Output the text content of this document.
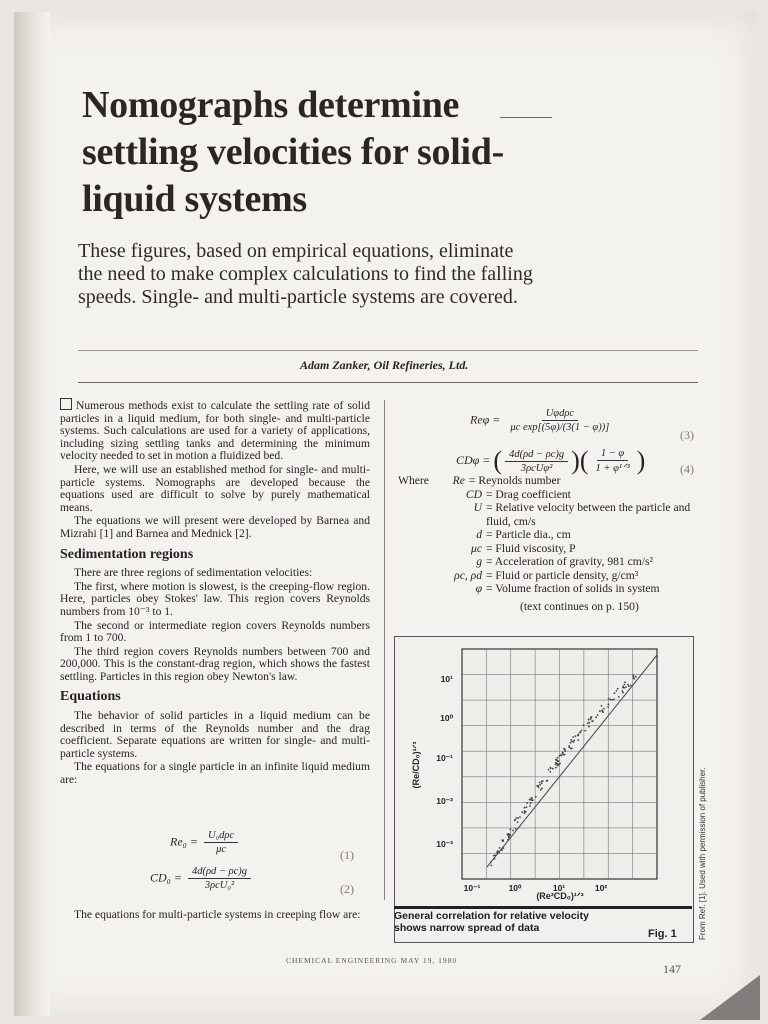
Nomographs determine settling velocities for solid-liquid systems

These figures, based on empirical equations, eliminate the need to make complex calculations to find the falling speeds. Single- and multi-particle systems are covered.

Adam Zanker, Oil Refineries, Ltd.

Numerous methods exist to calculate the settling rate of solid particles in a liquid medium, for both single- and multi-particle systems. Such calculations are used for a variety of applications, including sizing settling tanks and determining the minimum velocity needed to set in motion a fluidized bed.

Here, we will use an established method for single- and multi-particle systems. Nomographs are developed because the equations used are difficult to solve by purely mathematical means.

The equations we will present were developed by Barnea and Mizrahi [1] and Barnea and Mednick [2].

Sedimentation regions

There are three regions of sedimentation velocities:

The first, where motion is slowest, is the creeping-flow region. Here, particles obey Stokes' law. This region covers Reynolds numbers from 10⁻³ to 1.

The second or intermediate region covers Reynolds numbers from 1 to 700.

The third region covers Reynolds numbers between 700 and 200,000. This is the constant-drag region, which shows the fastest settling. Particles in this region obey Newton's law.

Equations

The behavior of solid particles in a liquid medium can be described in terms of the Reynolds number and the drag coefficient. Separate equations are written for single- and multi-particle systems.

The equations for a single particle in an infinite liquid medium are:

$Re_0 = \frac{\text{U₀dρc}}{\mu c}$	(1)
$CD_0 = \frac{4d(\rho d - \rho c)g}{\text{3ρcU₀²}}$	(2)

The equations for multi-particle systems in creeping flow are:

$Re\varphi = \frac{\text{Uφdρc}}{\text{μc exp[(5φ)/(3(1 − φ))]}}$
(3)
CDφ = ( $\frac{4d(\rho d - \rho c)g}{\text{3ρcUφ²}}$ )( $\frac{1 - \varphi}{\text{1 + φ¹ᐟ³}}$ )	(4)
Where	Re = Reynolds number
CD = Drag coefficient
U = Relative velocity between the particle and fluid, cm/s
d = Particle dia., cm
μc = Fluid viscosity, P
g = Acceleration of gravity, 981 cm/s²
ρc, ρd = Fluid or particle density, g/cm³
φ = Volume fraction of solids in system
(text continues on p. 150)
10¹
10⁰
10⁻¹
10⁻²
10⁻³
10⁻¹	10⁰	10¹	10²
(Re/CD₀)¹ᐟ³
(Re²CD₀)¹ᐟ³
General correlation for relative velocity shows narrow spread of data	Fig. 1	From Ref. [1]. Used with permission of publisher.
CHEMICAL ENGINEERING MAY 19, 1980
147
